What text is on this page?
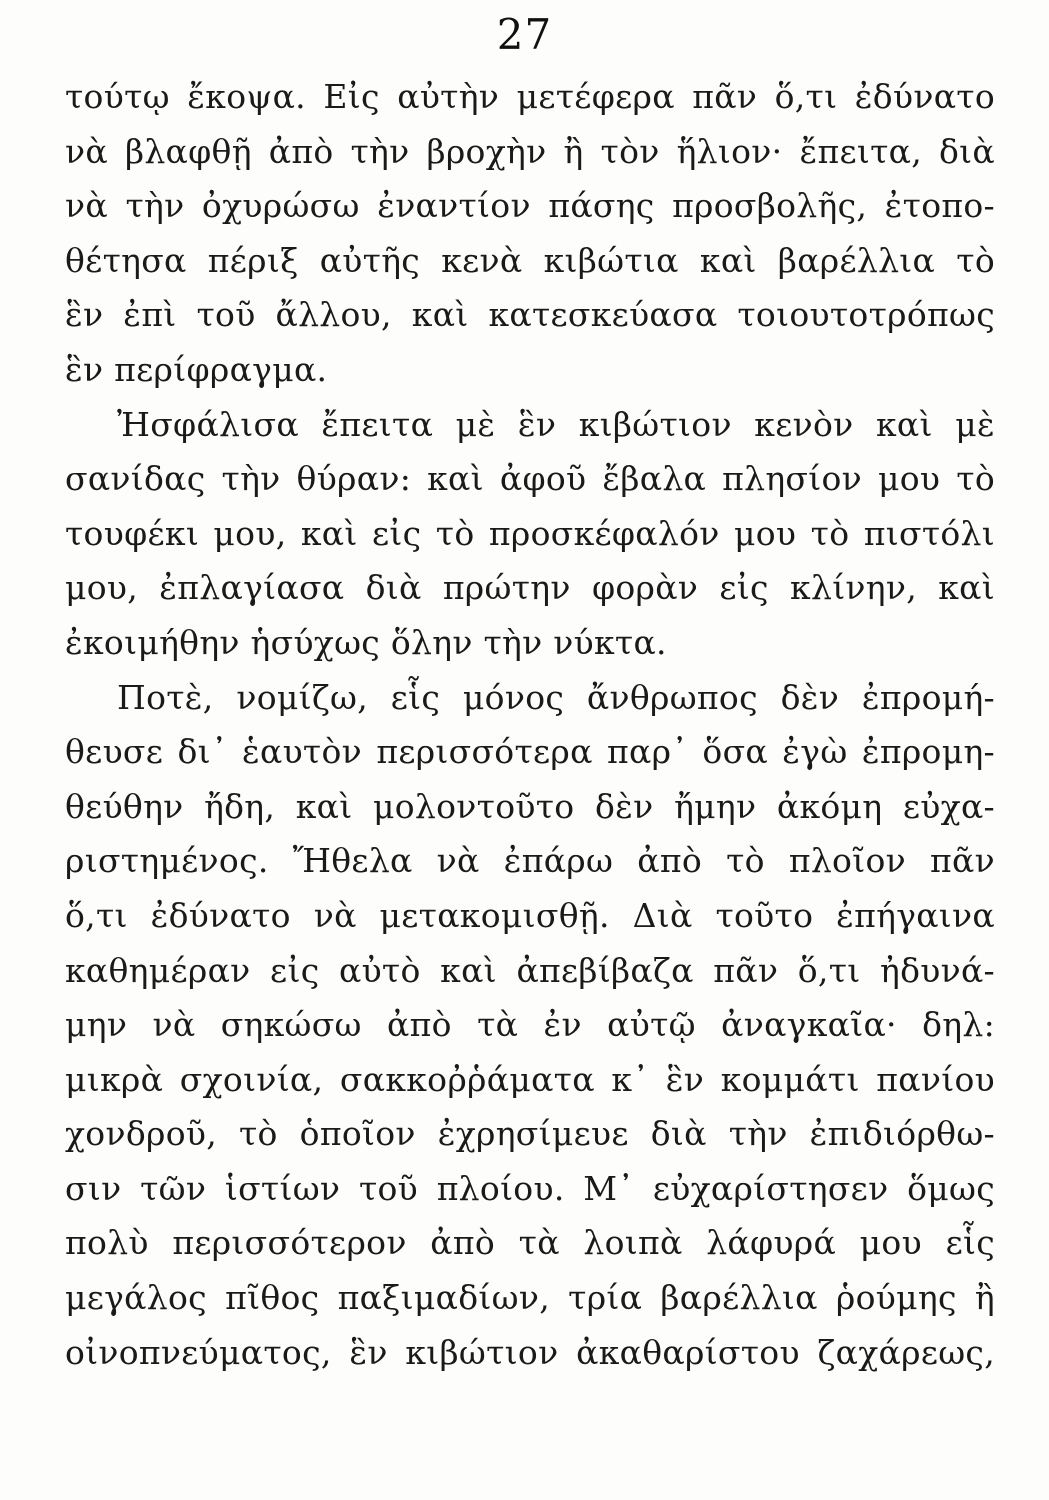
27

τούτῳ ἔκοψα. Εἰς αὐτὴν μετέφερα πᾶν ὅ,τι ἐδύνατο
νὰ βλαφθῇ ἀπὸ τὴν βροχὴν ἢ τὸν ἥλιον· ἔπειτα, διὰ
νὰ τὴν ὀχυρώσω ἐναντίον πάσης προσβολῆς, ἐτοπο-
θέτησα πέριξ αὐτῆς κενὰ κιβώτια καὶ βαρέλλια τὸ
ἓν ἐπὶ τοῦ ἄλλου, καὶ κατεσκεύασα τοιουτοτρόπως
ἓν περίφραγμα.

Ἠσφάλισα ἔπειτα μὲ ἓν κιβώτιον κενὸν καὶ μὲ
σανίδας τὴν θύραν: καὶ ἀφοῦ ἔβαλα πλησίον μου τὸ
τουφέκι μου, καὶ εἰς τὸ προσκέφαλόν μου τὸ πιστόλι
μου, ἐπλαγίασα διὰ πρώτην φορὰν εἰς κλίνην, καὶ
ἐκοιμήθην ἡσύχως ὅλην τὴν νύκτα.

Ποτὲ, νομίζω, εἷς μόνος ἄνθρωπος δὲν ἐπρομή-
θευσε δι᾽ ἑαυτὸν περισσότερα παρ᾽ ὅσα ἐγὼ ἐπρομη-
θεύθην ἤδη, καὶ μολοντοῦτο δὲν ἤμην ἀκόμη εὐχα-
ριστημένος. Ἤθελα νὰ ἐπάρω ἀπὸ τὸ πλοῖον πᾶν
ὅ,τι ἐδύνατο νὰ μετακομισθῇ. Διὰ τοῦτο ἐπήγαινα
καθημέραν εἰς αὐτὸ καὶ ἀπεβίβαζα πᾶν ὅ,τι ἠδυνά-
μην νὰ σηκώσω ἀπὸ τὰ ἐν αὐτῷ ἀναγκαῖα· δηλ:
μικρὰ σχοινία, σακκοῤῥάματα κ᾽ ἓν κομμάτι πανίου
χονδροῦ, τὸ ὁποῖον ἐχρησίμευε διὰ τὴν ἐπιδιόρθω-
σιν τῶν ἱστίων τοῦ πλοίου. Μ᾽ εὐχαρίστησεν ὅμως
πολὺ περισσότερον ἀπὸ τὰ λοιπὰ λάφυρά μου εἷς
μεγάλος πῖθος παξιμαδίων, τρία βαρέλλια ῥούμης ἢ
οἰνοπνεύματος, ἓν κιβώτιον ἀκαθαρίστου ζαχάρεως,
